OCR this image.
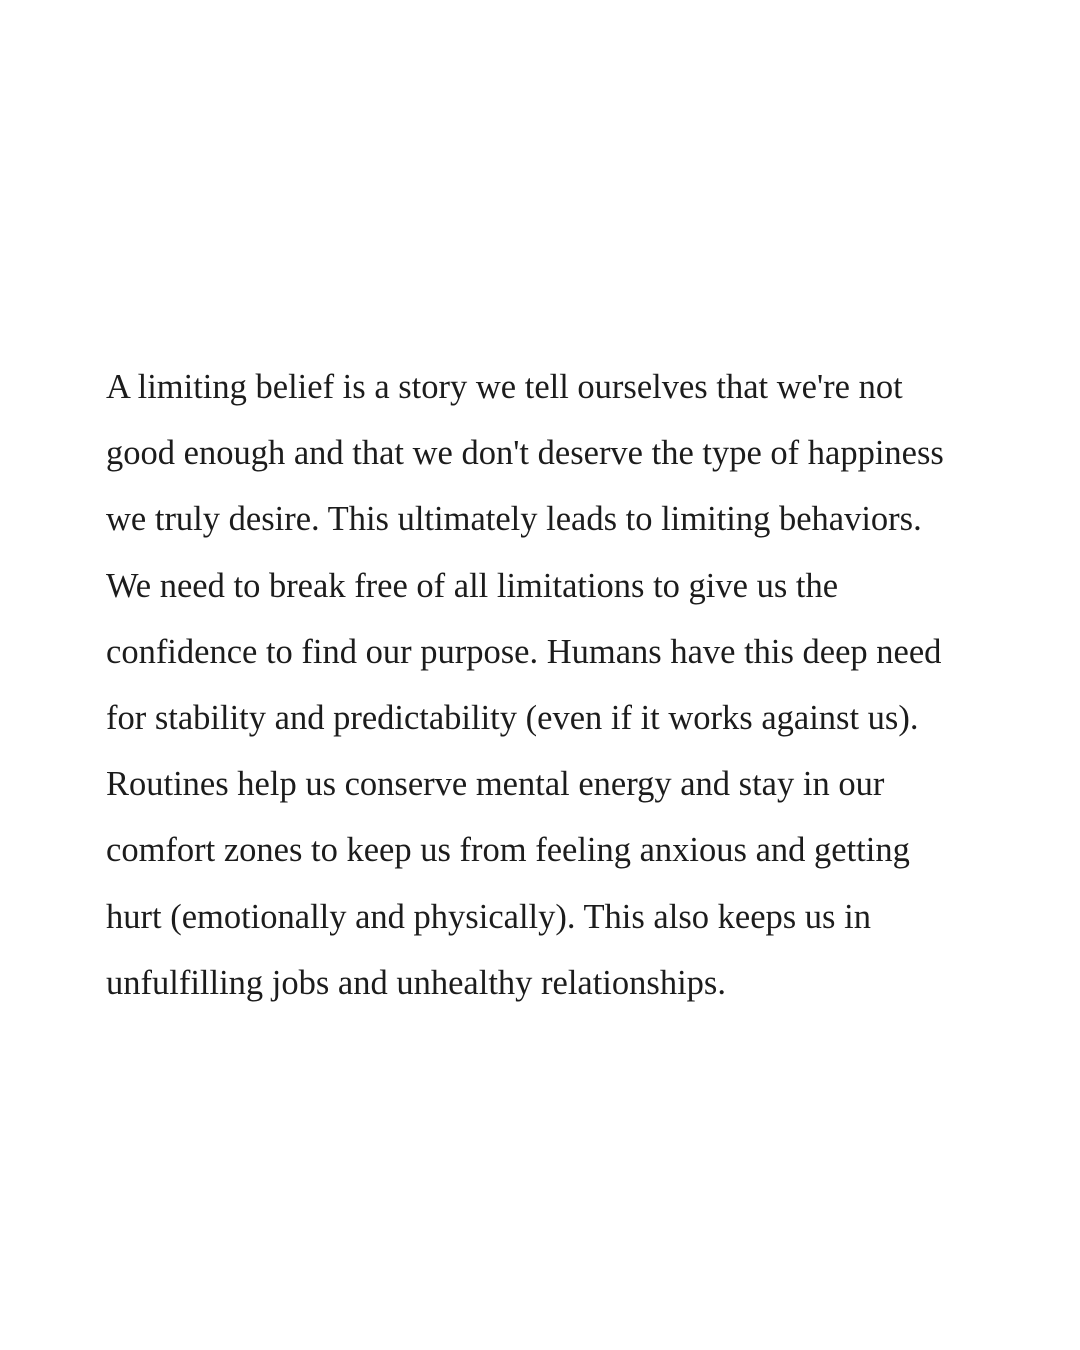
A limiting belief is a story we tell ourselves that we're not
good enough and that we don't deserve the type of happiness
we truly desire. This ultimately leads to limiting behaviors.
We need to break free of all limitations to give us the
confidence to find our purpose. Humans have this deep need
for stability and predictability (even if it works against us).
Routines help us conserve mental energy and stay in our
comfort zones to keep us from feeling anxious and getting
hurt (emotionally and physically). This also keeps us in
unfulfilling jobs and unhealthy relationships.
